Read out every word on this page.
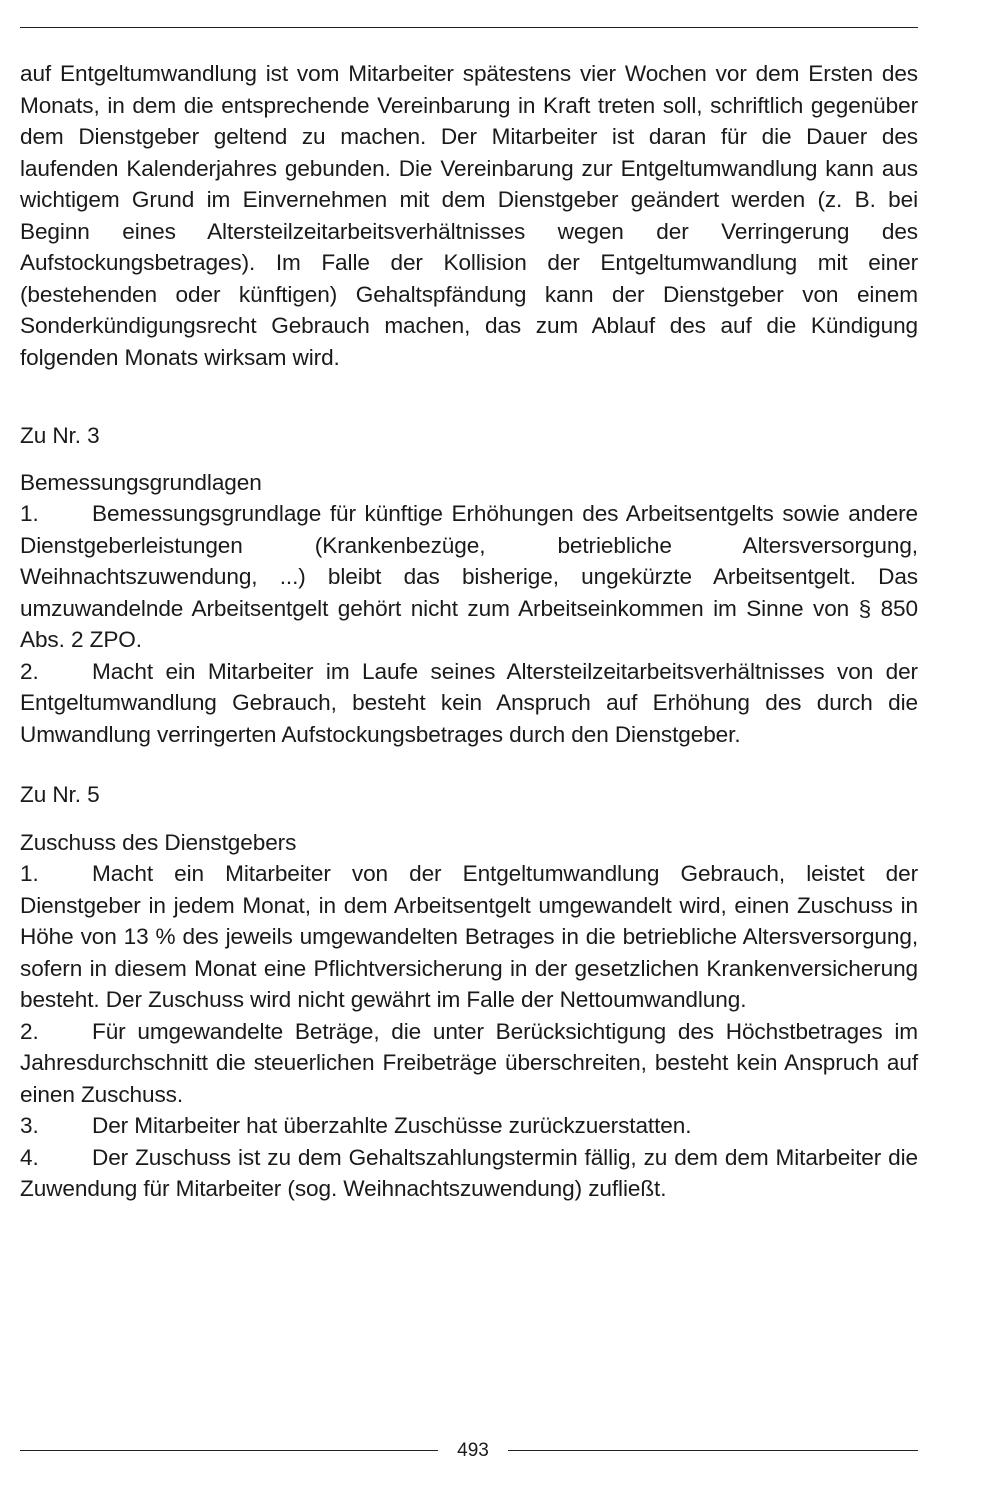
auf Entgeltumwandlung ist vom Mitarbeiter spätestens vier Wochen vor dem Ersten des Monats, in dem die entsprechende Vereinbarung in Kraft treten soll, schriftlich gegenüber dem Dienstgeber geltend zu machen. Der Mitarbeiter ist daran für die Dauer des laufenden Kalenderjahres gebunden. Die Vereinbarung zur Entgeltumwandlung kann aus wichtigem Grund im Einvernehmen mit dem Dienstgeber geändert werden (z. B. bei Beginn eines Altersteilzeitarbeitsverhältnisses wegen der Verringerung des Aufstockungsbetrages). Im Falle der Kollision der Entgeltumwandlung mit einer (bestehenden oder künftigen) Gehaltspfändung kann der Dienstgeber von einem Sonderkündigungsrecht Gebrauch machen, das zum Ablauf des auf die Kündigung folgenden Monats wirksam wird.

Zu Nr. 3
Bemessungsgrundlagen

1. Bemessungsgrundlage für künftige Erhöhungen des Arbeitsentgelts sowie andere Dienstgeberleistungen (Krankenbezüge, betriebliche Altersversorgung, Weihnachtszuwendung, ...) bleibt das bisherige, ungekürzte Arbeitsentgelt. Das umzuwandelnde Arbeitsentgelt gehört nicht zum Arbeitseinkommen im Sinne von § 850 Abs. 2 ZPO.

2. Macht ein Mitarbeiter im Laufe seines Altersteilzeitarbeitsverhältnisses von der Entgeltumwandlung Gebrauch, besteht kein Anspruch auf Erhöhung des durch die Umwandlung verringerten Aufstockungsbetrages durch den Dienstgeber.

Zu Nr. 5
Zuschuss des Dienstgebers

1. Macht ein Mitarbeiter von der Entgeltumwandlung Gebrauch, leistet der Dienstgeber in jedem Monat, in dem Arbeitsentgelt umgewandelt wird, einen Zuschuss in Höhe von 13 % des jeweils umgewandelten Betrages in die betriebliche Altersversorgung, sofern in diesem Monat eine Pflichtversicherung in der gesetzlichen Krankenversicherung besteht. Der Zuschuss wird nicht gewährt im Falle der Nettoumwandlung.

2. Für umgewandelte Beträge, die unter Berücksichtigung des Höchstbetrages im Jahresdurchschnitt die steuerlichen Freibeträge überschreiten, besteht kein Anspruch auf einen Zuschuss.

3. Der Mitarbeiter hat überzahlte Zuschüsse zurückzuerstatten.

4. Der Zuschuss ist zu dem Gehaltszahlungstermin fällig, zu dem dem Mitarbeiter die Zuwendung für Mitarbeiter (sog. Weihnachtszuwendung) zufließt.

493
